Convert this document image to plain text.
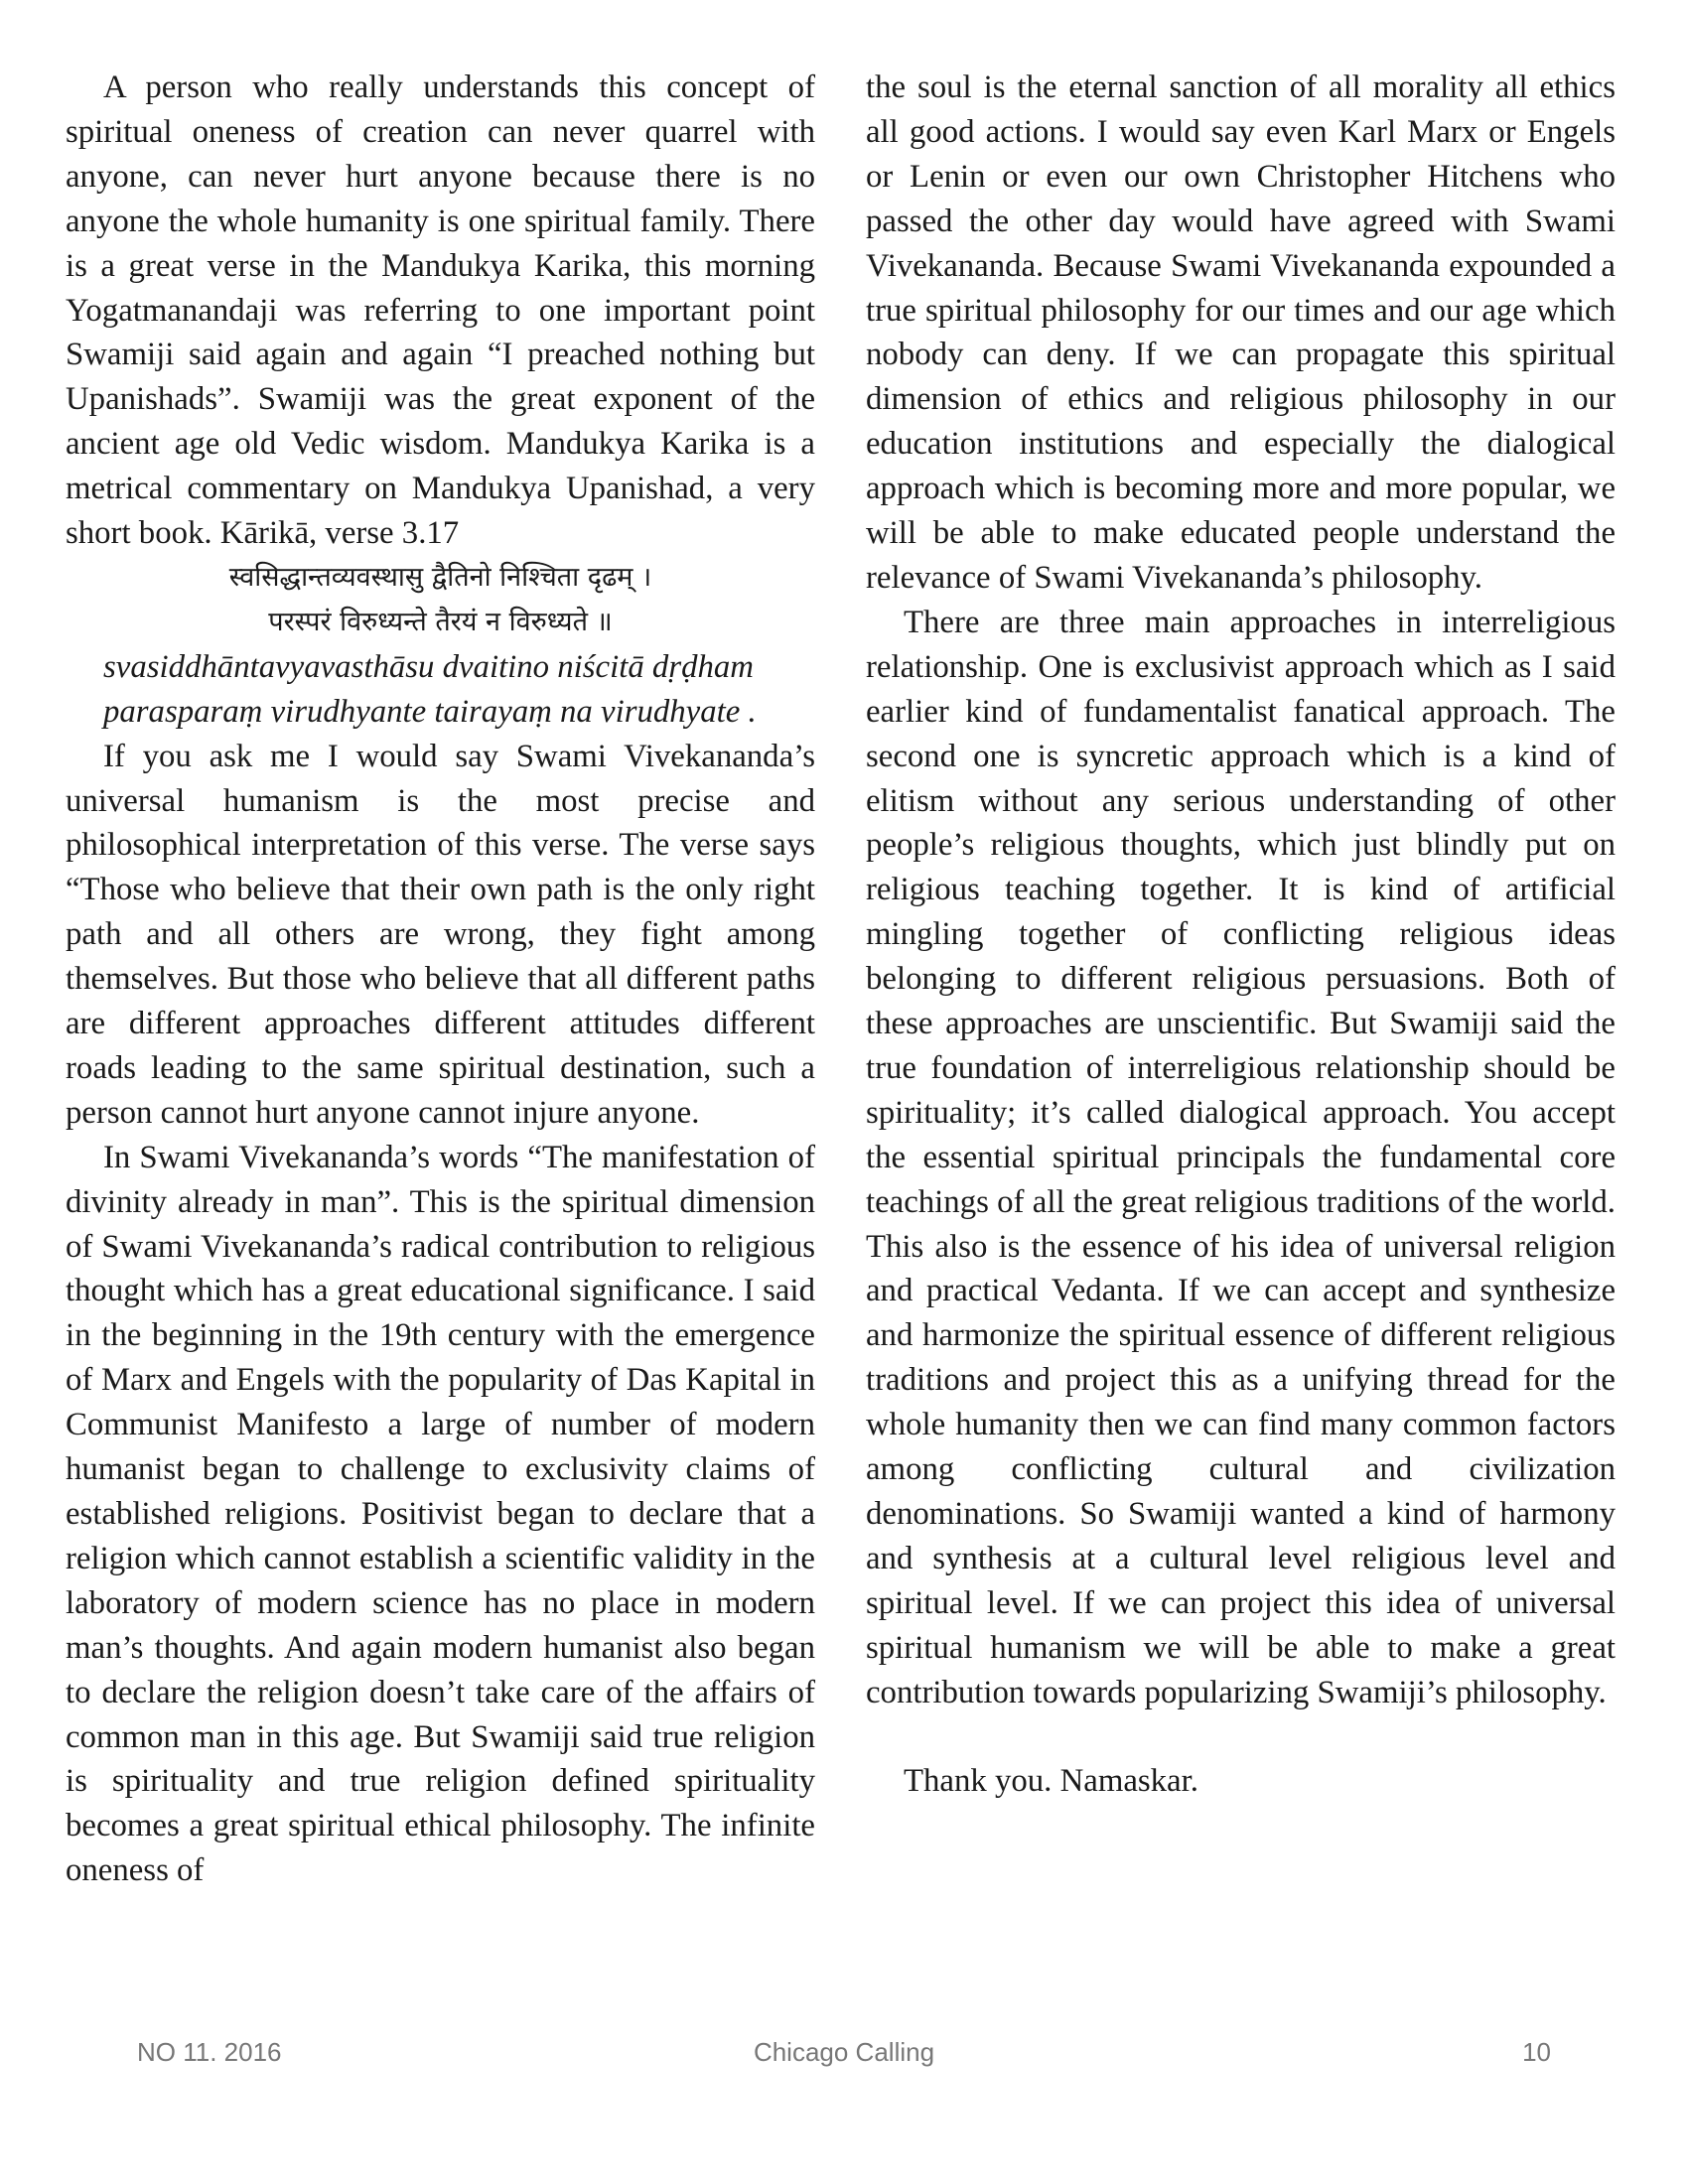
A person who really understands this concept of spiritual oneness of creation can never quarrel with anyone, can never hurt anyone because there is no anyone the whole humanity is one spiritual family. There is a great verse in the Mandukya Karika, this morning Yogatmanandaji was referring to one important point Swamiji said again and again “I preached nothing but Upanishads”. Swamiji was the great exponent of the ancient age old Vedic wisdom. Mandukya Karika is a metrical commentary on Mandukya Upanishad, a very short book. Kārikā, verse 3.17

स्वसिद्धान्तव्यवस्थासु द्वैतिनो निश्चिता दृढम् ।

परस्परं विरुध्यन्ते तैरयं न विरुध्यते ॥

svasiddhāntavyavasthāsu dvaitino niścitā dṛḍham

parasparaṃ virudhyante tairayaṃ na virudhyate .

If you ask me I would say Swami Vivekananda’s universal humanism is the most precise and philosophical interpretation of this verse. The verse says “Those who believe that their own path is the only right path and all others are wrong, they fight among themselves. But those who believe that all different paths are different approaches different attitudes different roads leading to the same spiritual destination, such a person cannot hurt anyone cannot injure anyone.

In Swami Vivekananda’s words “The manifestation of divinity already in man”. This is the spiritual dimension of Swami Vivekananda’s radical contribution to religious thought which has a great educational significance. I said in the beginning in the 19th century with the emergence of Marx and Engels with the popularity of Das Kapital in Communist Manifesto a large of number of modern humanist began to challenge to exclusivity claims of established religions. Positivist began to declare that a religion which cannot establish a scientific validity in the laboratory of modern science has no place in modern man’s thoughts. And again modern humanist also began to declare the religion doesn’t take care of the affairs of common man in this age. But Swamiji said true religion is spirituality and true religion defined spirituality becomes a great spiritual ethical philosophy. The infinite oneness of

the soul is the eternal sanction of all morality all ethics all good actions. I would say even Karl Marx or Engels or Lenin or even our own Christopher Hitchens who passed the other day would have agreed with Swami Vivekananda. Because Swami Vivekananda expounded a true spiritual philosophy for our times and our age which nobody can deny. If we can propagate this spiritual dimension of ethics and religious philosophy in our education institutions and especially the dialogical approach which is becoming more and more popular, we will be able to make educated people understand the relevance of Swami Vivekananda’s philosophy.

There are three main approaches in interreligious relationship. One is exclusivist approach which as I said earlier kind of fundamentalist fanatical approach. The second one is syncretic approach which is a kind of elitism without any serious understanding of other people’s religious thoughts, which just blindly put on religious teaching together. It is kind of artificial mingling together of conflicting religious ideas belonging to different religious persuasions. Both of these approaches are unscientific. But Swamiji said the true foundation of interreligious relationship should be spirituality; it’s called dialogical approach. You accept the essential spiritual principals the fundamental core teachings of all the great religious traditions of the world. This also is the essence of his idea of universal religion and practical Vedanta. If we can accept and synthesize and harmonize the spiritual essence of different religious traditions and project this as a unifying thread for the whole humanity then we can find many common factors among conflicting cultural and civilization denominations. So Swamiji wanted a kind of harmony and synthesis at a cultural level religious level and spiritual level. If we can project this idea of universal spiritual humanism we will be able to make a great contribution towards popularizing Swamiji’s philosophy.

Thank you. Namaskar.

NO 11. 2016	Chicago Calling	10
